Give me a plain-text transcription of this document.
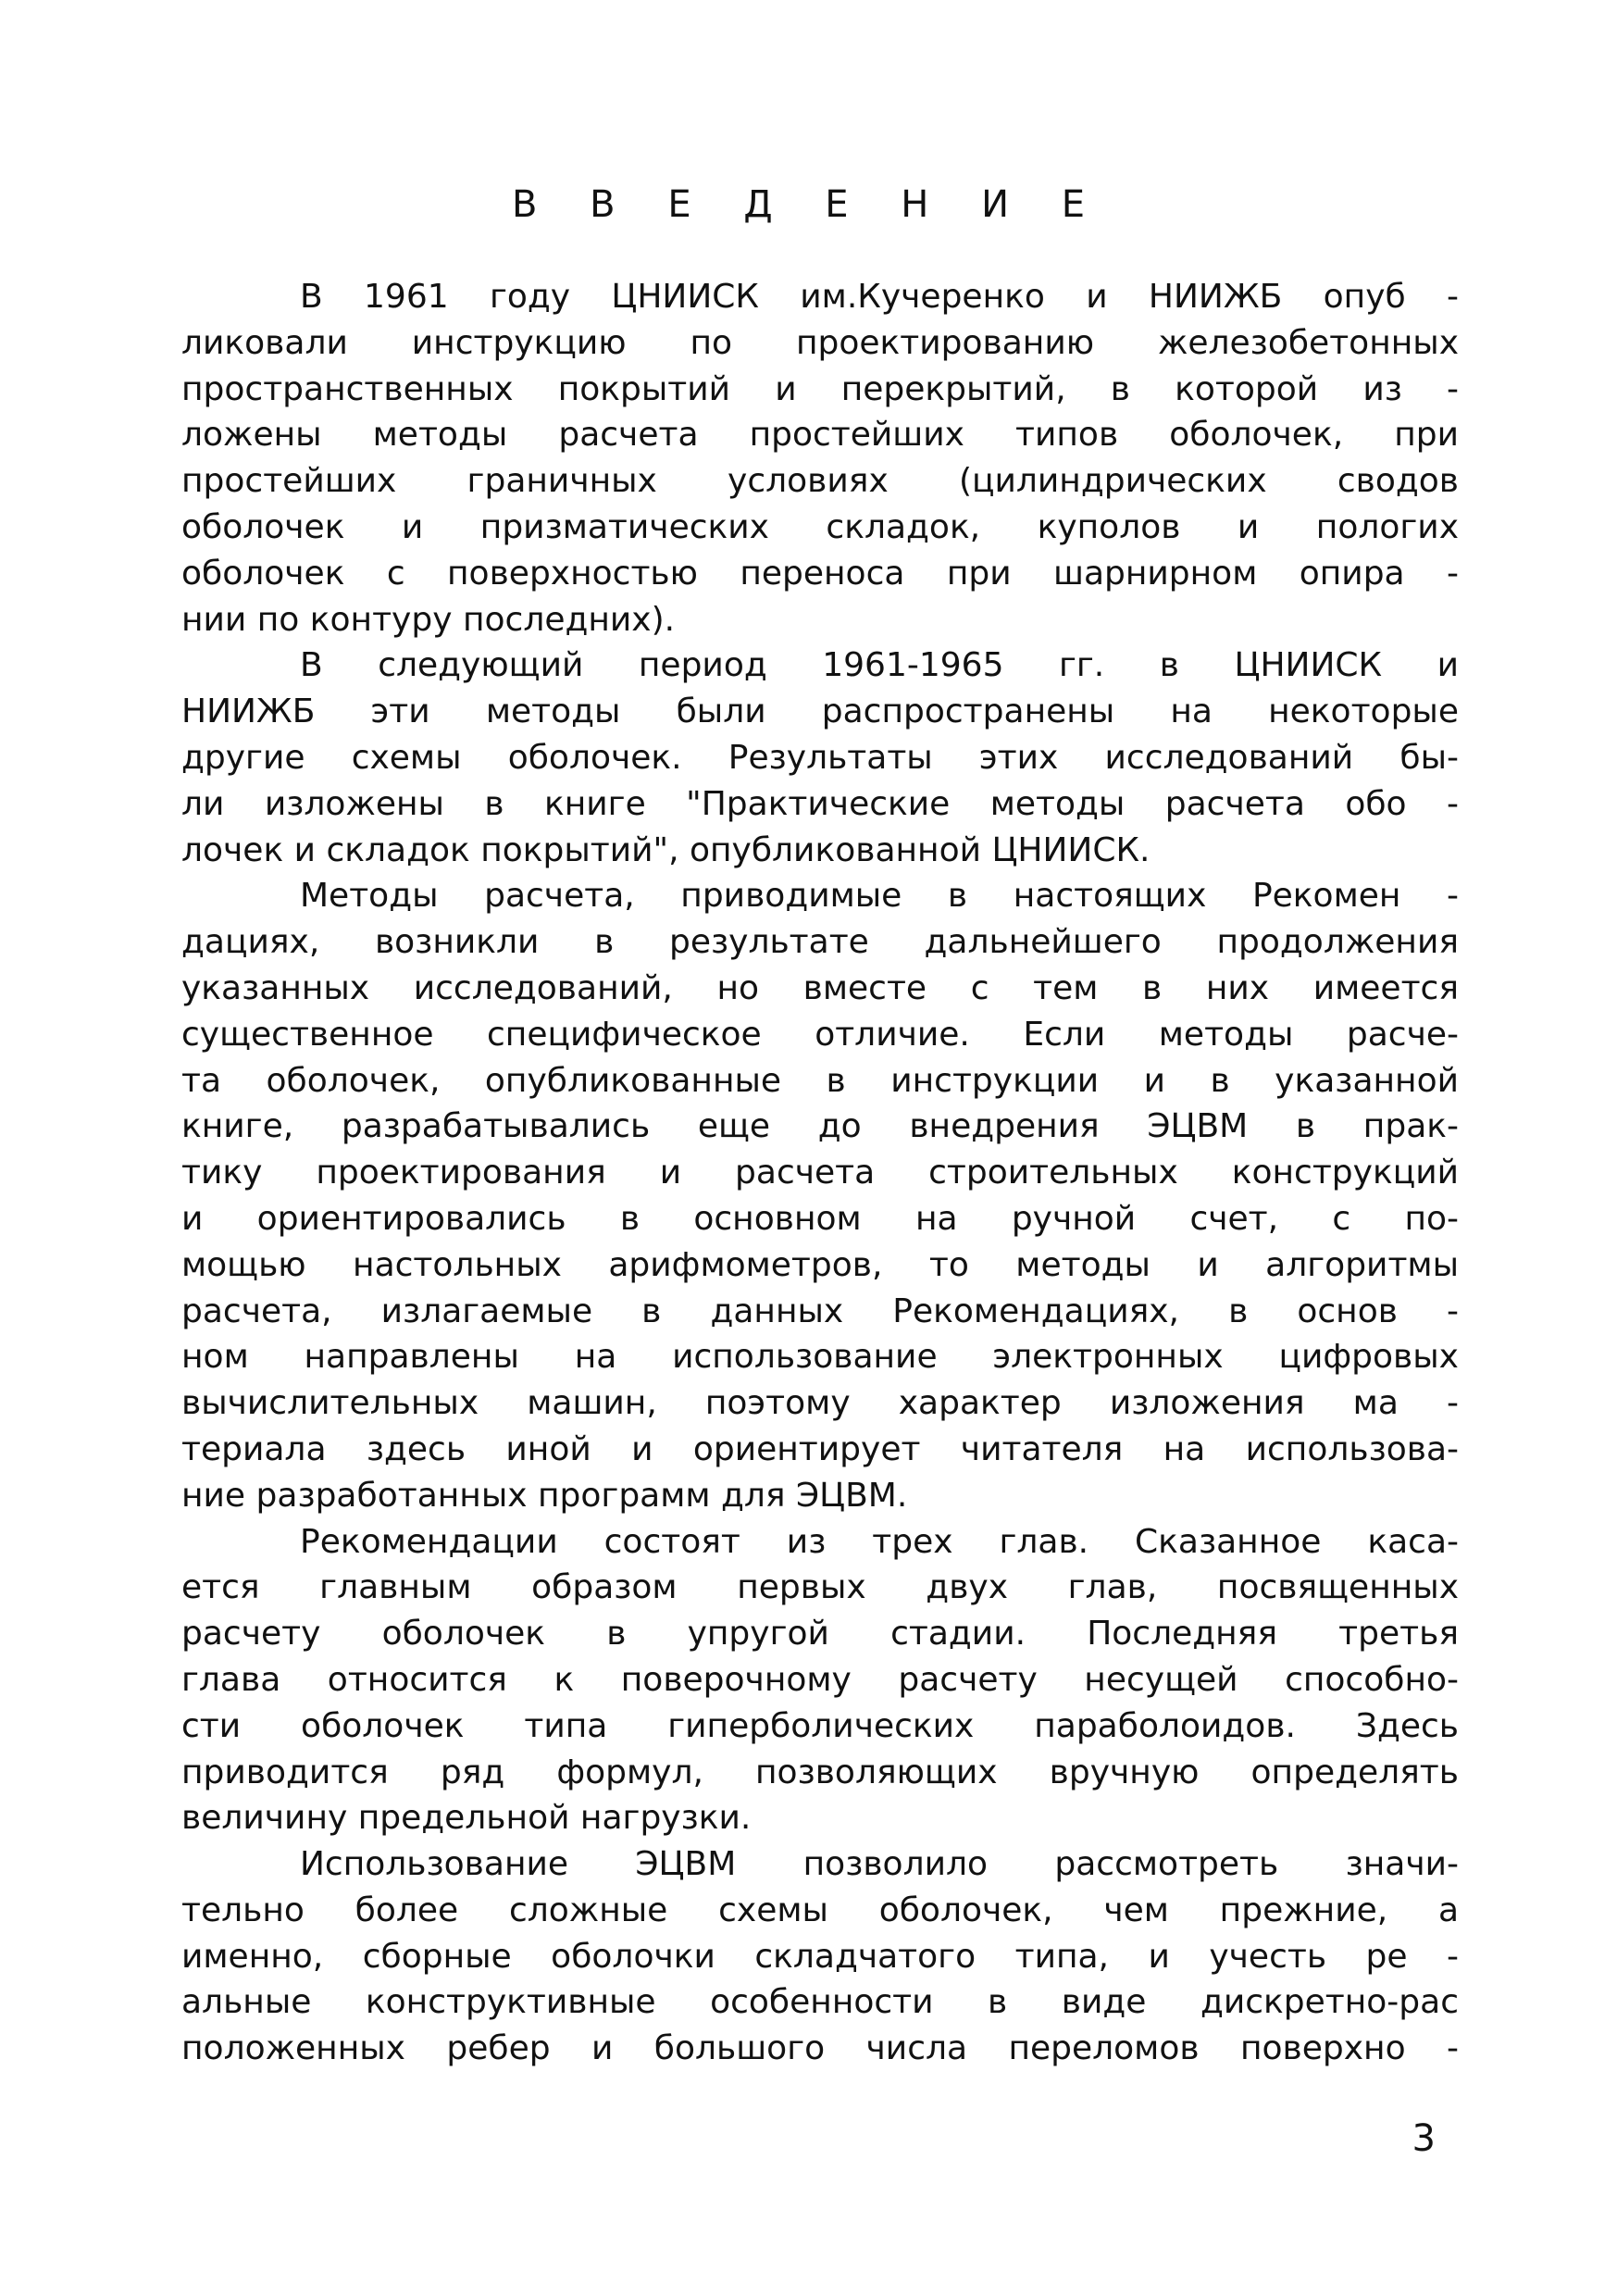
В В Е Д Е Н И Е
В 1961 году ЦНИИСК им.Кучеренко и НИИЖБ опуб -
ликовали инструкцию по проектированию железобетонных
пространственных покрытий и перекрытий, в которой из -
ложены методы расчета простейших типов оболочек, при
простейших граничных условиях (цилиндрических сводов
оболочек и призматических складок, куполов и пологих
оболочек с поверхностью переноса при шарнирном опира -
нии по контуру последних).
В следующий период 1961-1965 гг. в ЦНИИСК и
НИИЖБ эти методы были распространены на некоторые
другие схемы оболочек. Результаты этих исследований бы-
ли изложены в книге "Практические методы расчета обо -
лочек и складок покрытий", опубликованной ЦНИИСК.
Методы расчета, приводимые в настоящих Рекомен -
дациях, возникли в результате дальнейшего продолжения
указанных исследований, но вместе с тем в них имеется
существенное специфическое отличие. Если методы расче-
та оболочек, опубликованные в инструкции и в указанной
книге, разрабатывались еще до внедрения ЭЦВМ в прак-
тику проектирования и расчета строительных конструкций
и ориентировались в основном на ручной счет, с по-
мощью настольных арифмометров, то методы и алгоритмы
расчета, излагаемые в данных Рекомендациях, в основ -
ном направлены на использование электронных цифровых
вычислительных машин, поэтому характер изложения ма -
териала здесь иной и ориентирует читателя на использова-
ние разработанных программ для ЭЦВМ.
Рекомендации состоят из трех глав. Сказанное каса-
ется главным образом первых двух глав, посвященных
расчету оболочек в упругой стадии. Последняя третья
глава относится к поверочному расчету несущей способно-
сти оболочек типа гиперболических параболоидов. Здесь
приводится ряд формул, позволяющих вручную определять
величину предельной нагрузки.
Использование ЭЦВМ позволило рассмотреть значи-
тельно более сложные схемы оболочек, чем прежние, а
именно, сборные оболочки складчатого типа, и учесть ре -
альные конструктивные особенности в виде дискретно-рас
положенных ребер и большого числа переломов поверхно -
3
